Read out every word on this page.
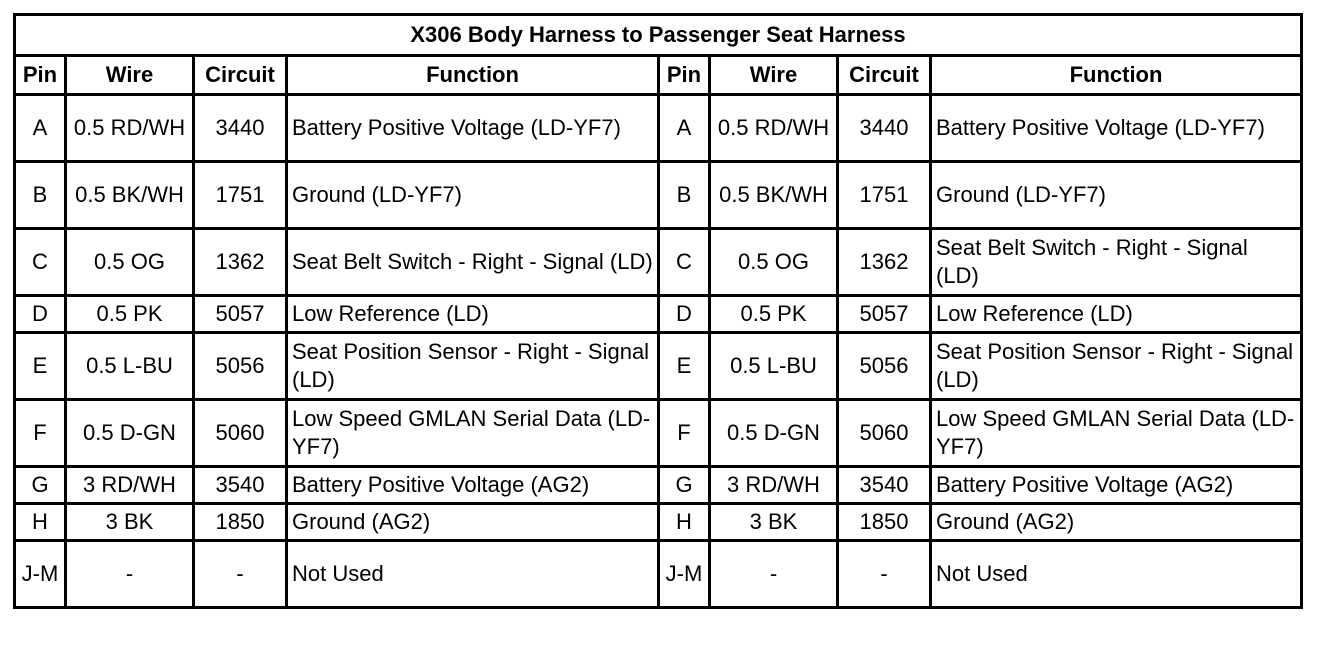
X306 Body Harness to Passenger Seat Harness							
Pin	Wire	Circuit	Function	Pin	Wire	Circuit	Function
A	0.5 RD/WH	3440	Battery Positive Voltage (LD-YF7)	A	0.5 RD/WH	3440	Battery Positive Voltage (LD-YF7)
B	0.5 BK/WH	1751	Ground (LD-YF7)	B	0.5 BK/WH	1751	Ground (LD-YF7)
C	0.5 OG	1362	Seat Belt Switch - Right - Signal (LD)	C	0.5 OG	1362	Seat Belt Switch - Right - Signal (LD)
D	0.5 PK	5057	Low Reference (LD)	D	0.5 PK	5057	Low Reference (LD)
E	0.5 L-BU	5056	Seat Position Sensor - Right - Signal (LD)	E	0.5 L-BU	5056	Seat Position Sensor - Right - Signal (LD)
F	0.5 D-GN	5060	Low Speed GMLAN Serial Data (LD-YF7)	F	0.5 D-GN	5060	Low Speed GMLAN Serial Data (LD-YF7)
G	3 RD/WH	3540	Battery Positive Voltage (AG2)	G	3 RD/WH	3540	Battery Positive Voltage (AG2)
H	3 BK	1850	Ground (AG2)	H	3 BK	1850	Ground (AG2)
J-M	-	-	Not Used	J-M	-	-	Not Used
